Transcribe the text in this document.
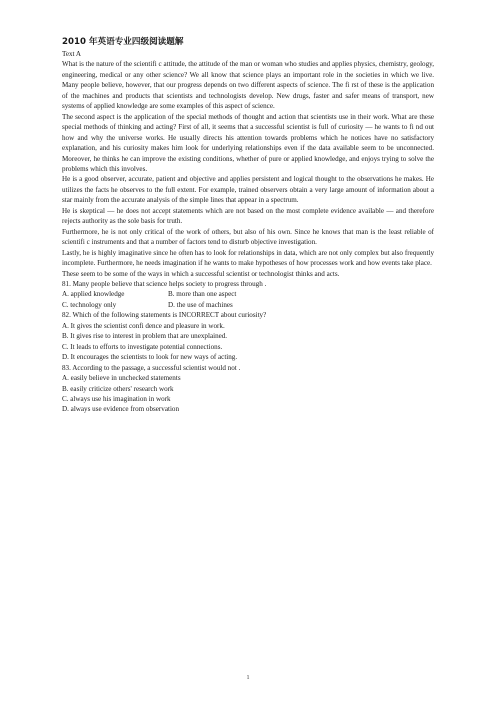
2010 年英语专业四级阅读题解

Text A

What is the nature of the scientifi c attitude, the attitude of the man or woman who studies and applies physics, chemistry, geology, engineering, medical or any other science? We all know that science plays an important role in the societies in which we live. Many people believe, however, that our progress depends on two different aspects of science. The fi rst of these is the application of the machines and products that scientists and technologists develop. New drugs, faster and safer means of transport, new systems of applied knowledge are some examples of this aspect of science.

The second aspect is the application of the special methods of thought and action that scientists use in their work. What are these special methods of thinking and acting? First of all, it seems that a successful scientist is full of curiosity — he wants to fi nd out how and why the universe works. He usually directs his attention towards problems which he notices have no satisfactory explanation, and his curiosity makes him look for underlying relationships even if the data available seem to be unconnected. Moreover, he thinks he can improve the existing conditions, whether of pure or applied knowledge, and enjoys trying to solve the problems which this involves.

He is a good observer, accurate, patient and objective and applies persistent and logical thought to the observations he makes. He utilizes the facts he observes to the full extent. For example, trained observers obtain a very large amount of information about a star mainly from the accurate analysis of the simple lines that appear in a spectrum.

He is skeptical — he does not accept statements which are not based on the most complete evidence available — and therefore rejects authority as the sole basis for truth.

Furthermore, he is not only critical of the work of others, but also of his own. Since he knows that man is the least reliable of scientifi c instruments and that a number of factors tend to disturb objective investigation.

Lastly, he is highly imaginative since he often has to look for relationships in data, which are not only complex but also frequently incomplete. Furthermore, he needs imagination if he wants to make hypotheses of how processes work and how events take place.

These seem to be some of the ways in which a successful scientist or technologist thinks and acts.

81. Many people believe that science helps society to progress through .

A. applied knowledge	B. more than one aspect
C. technology only	D. the use of machines

82. Which of the following statements is INCORRECT about curiosity?

A. It gives the scientist confi dence and pleasure in work.

B. It gives rise to interest in problem that are unexplained.

C. It leads to efforts to investigate potential connections.

D. It encourages the scientists to look for new ways of acting.

83. According to the passage, a successful scientist would not .

A. easily believe in unchecked statements

B. easily criticize others' research work

C. always use his imagination in work

D. always use evidence from observation

1
